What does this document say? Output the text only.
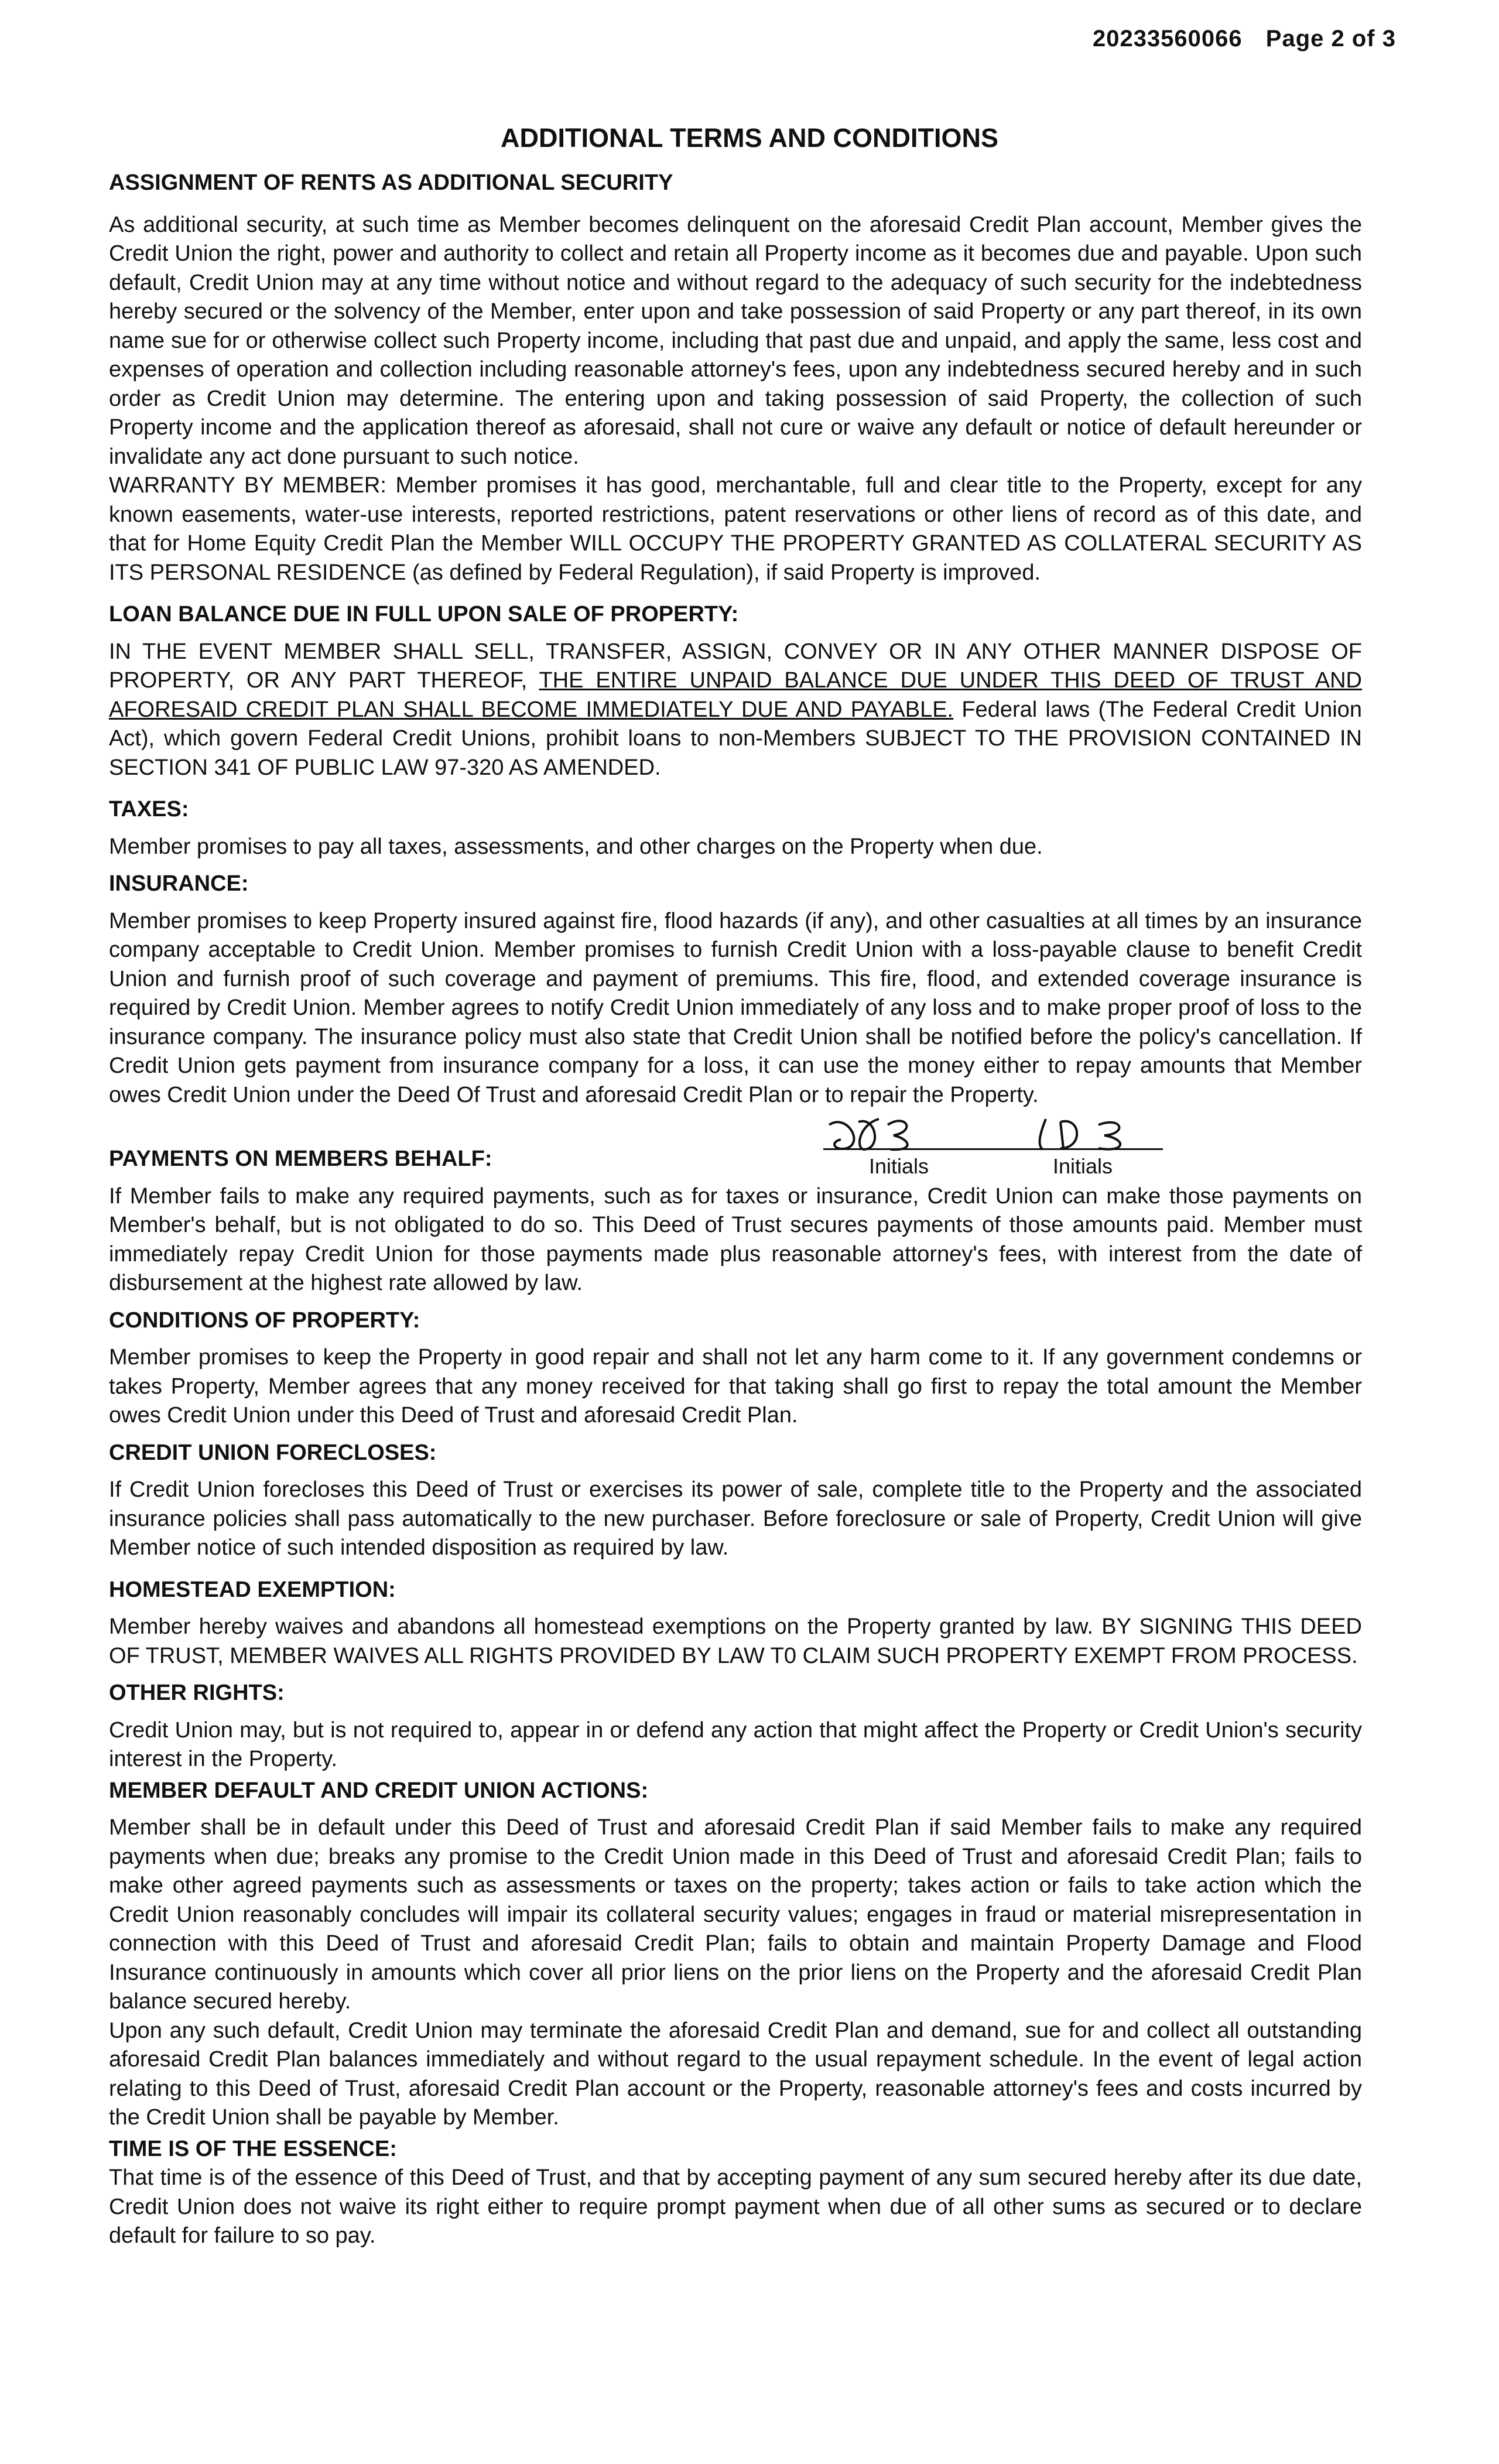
20233560066 Page 2 of 3
ADDITIONAL TERMS AND CONDITIONS

ASSIGNMENT OF RENTS AS ADDITIONAL SECURITY

As additional security, at such time as Member becomes delinquent on the aforesaid Credit Plan account, Member gives the Credit Union the right, power and authority to collect and retain all Property income as it becomes due and payable. Upon such default, Credit Union may at any time without notice and without regard to the adequacy of such security for the indebtedness hereby secured or the solvency of the Member, enter upon and take possession of said Property or any part thereof, in its own name sue for or otherwise collect such Property income, including that past due and unpaid, and apply the same, less cost and expenses of operation and collection including reasonable attorney's fees, upon any indebtedness secured hereby and in such order as Credit Union may determine. The entering upon and taking possession of said Property, the collection of such Property income and the application thereof as aforesaid, shall not cure or waive any default or notice of default hereunder or invalidate any act done pursuant to such notice.

WARRANTY BY MEMBER: Member promises it has good, merchantable, full and clear title to the Property, except for any known easements, water-use interests, reported restrictions, patent reservations or other liens of record as of this date, and that for Home Equity Credit Plan the Member WILL OCCUPY THE PROPERTY GRANTED AS COLLATERAL SECURITY AS ITS PERSONAL RESIDENCE (as defined by Federal Regulation), if said Property is improved.

LOAN BALANCE DUE IN FULL UPON SALE OF PROPERTY:

IN THE EVENT MEMBER SHALL SELL, TRANSFER, ASSIGN, CONVEY OR IN ANY OTHER MANNER DISPOSE OF PROPERTY, OR ANY PART THEREOF, THE ENTIRE UNPAID BALANCE DUE UNDER THIS DEED OF TRUST AND AFORESAID CREDIT PLAN SHALL BECOME IMMEDIATELY DUE AND PAYABLE. Federal laws (The Federal Credit Union Act), which govern Federal Credit Unions, prohibit loans to non-Members SUBJECT TO THE PROVISION CONTAINED IN SECTION 341 OF PUBLIC LAW 97-320 AS AMENDED.

TAXES:

Member promises to pay all taxes, assessments, and other charges on the Property when due.

INSURANCE:

Member promises to keep Property insured against fire, flood hazards (if any), and other casualties at all times by an insurance company acceptable to Credit Union. Member promises to furnish Credit Union with a loss-payable clause to benefit Credit Union and furnish proof of such coverage and payment of premiums. This fire, flood, and extended coverage insurance is required by Credit Union. Member agrees to notify Credit Union immediately of any loss and to make proper proof of loss to the insurance company. The insurance policy must also state that Credit Union shall be notified before the policy's cancellation. If Credit Union gets payment from insurance company for a loss, it can use the money either to repay amounts that Member owes Credit Union under the Deed Of Trust and aforesaid Credit Plan or to repair the Property.

PAYMENTS ON MEMBERS BEHALF:	Initials	Initials

If Member fails to make any required payments, such as for taxes or insurance, Credit Union can make those payments on Member's behalf, but is not obligated to do so. This Deed of Trust secures payments of those amounts paid. Member must immediately repay Credit Union for those payments made plus reasonable attorney's fees, with interest from the date of disbursement at the highest rate allowed by law.

CONDITIONS OF PROPERTY:

Member promises to keep the Property in good repair and shall not let any harm come to it. If any government condemns or takes Property, Member agrees that any money received for that taking shall go first to repay the total amount the Member owes Credit Union under this Deed of Trust and aforesaid Credit Plan.

CREDIT UNION FORECLOSES:

If Credit Union forecloses this Deed of Trust or exercises its power of sale, complete title to the Property and the associated insurance policies shall pass automatically to the new purchaser. Before foreclosure or sale of Property, Credit Union will give Member notice of such intended disposition as required by law.

HOMESTEAD EXEMPTION:

Member hereby waives and abandons all homestead exemptions on the Property granted by law. BY SIGNING THIS DEED OF TRUST, MEMBER WAIVES ALL RIGHTS PROVIDED BY LAW T0 CLAIM SUCH PROPERTY EXEMPT FROM PROCESS.

OTHER RIGHTS:

Credit Union may, but is not required to, appear in or defend any action that might affect the Property or Credit Union's security interest in the Property.

MEMBER DEFAULT AND CREDIT UNION ACTIONS:

Member shall be in default under this Deed of Trust and aforesaid Credit Plan if said Member fails to make any required payments when due; breaks any promise to the Credit Union made in this Deed of Trust and aforesaid Credit Plan; fails to make other agreed payments such as assessments or taxes on the property; takes action or fails to take action which the Credit Union reasonably concludes will impair its collateral security values; engages in fraud or material misrepresentation in connection with this Deed of Trust and aforesaid Credit Plan; fails to obtain and maintain Property Damage and Flood Insurance continuously in amounts which cover all prior liens on the prior liens on the Property and the aforesaid Credit Plan balance secured hereby.

Upon any such default, Credit Union may terminate the aforesaid Credit Plan and demand, sue for and collect all outstanding aforesaid Credit Plan balances immediately and without regard to the usual repayment schedule. In the event of legal action relating to this Deed of Trust, aforesaid Credit Plan account or the Property, reasonable attorney's fees and costs incurred by the Credit Union shall be payable by Member.

TIME IS OF THE ESSENCE:

That time is of the essence of this Deed of Trust, and that by accepting payment of any sum secured hereby after its due date, Credit Union does not waive its right either to require prompt payment when due of all other sums as secured or to declare default for failure to so pay.
